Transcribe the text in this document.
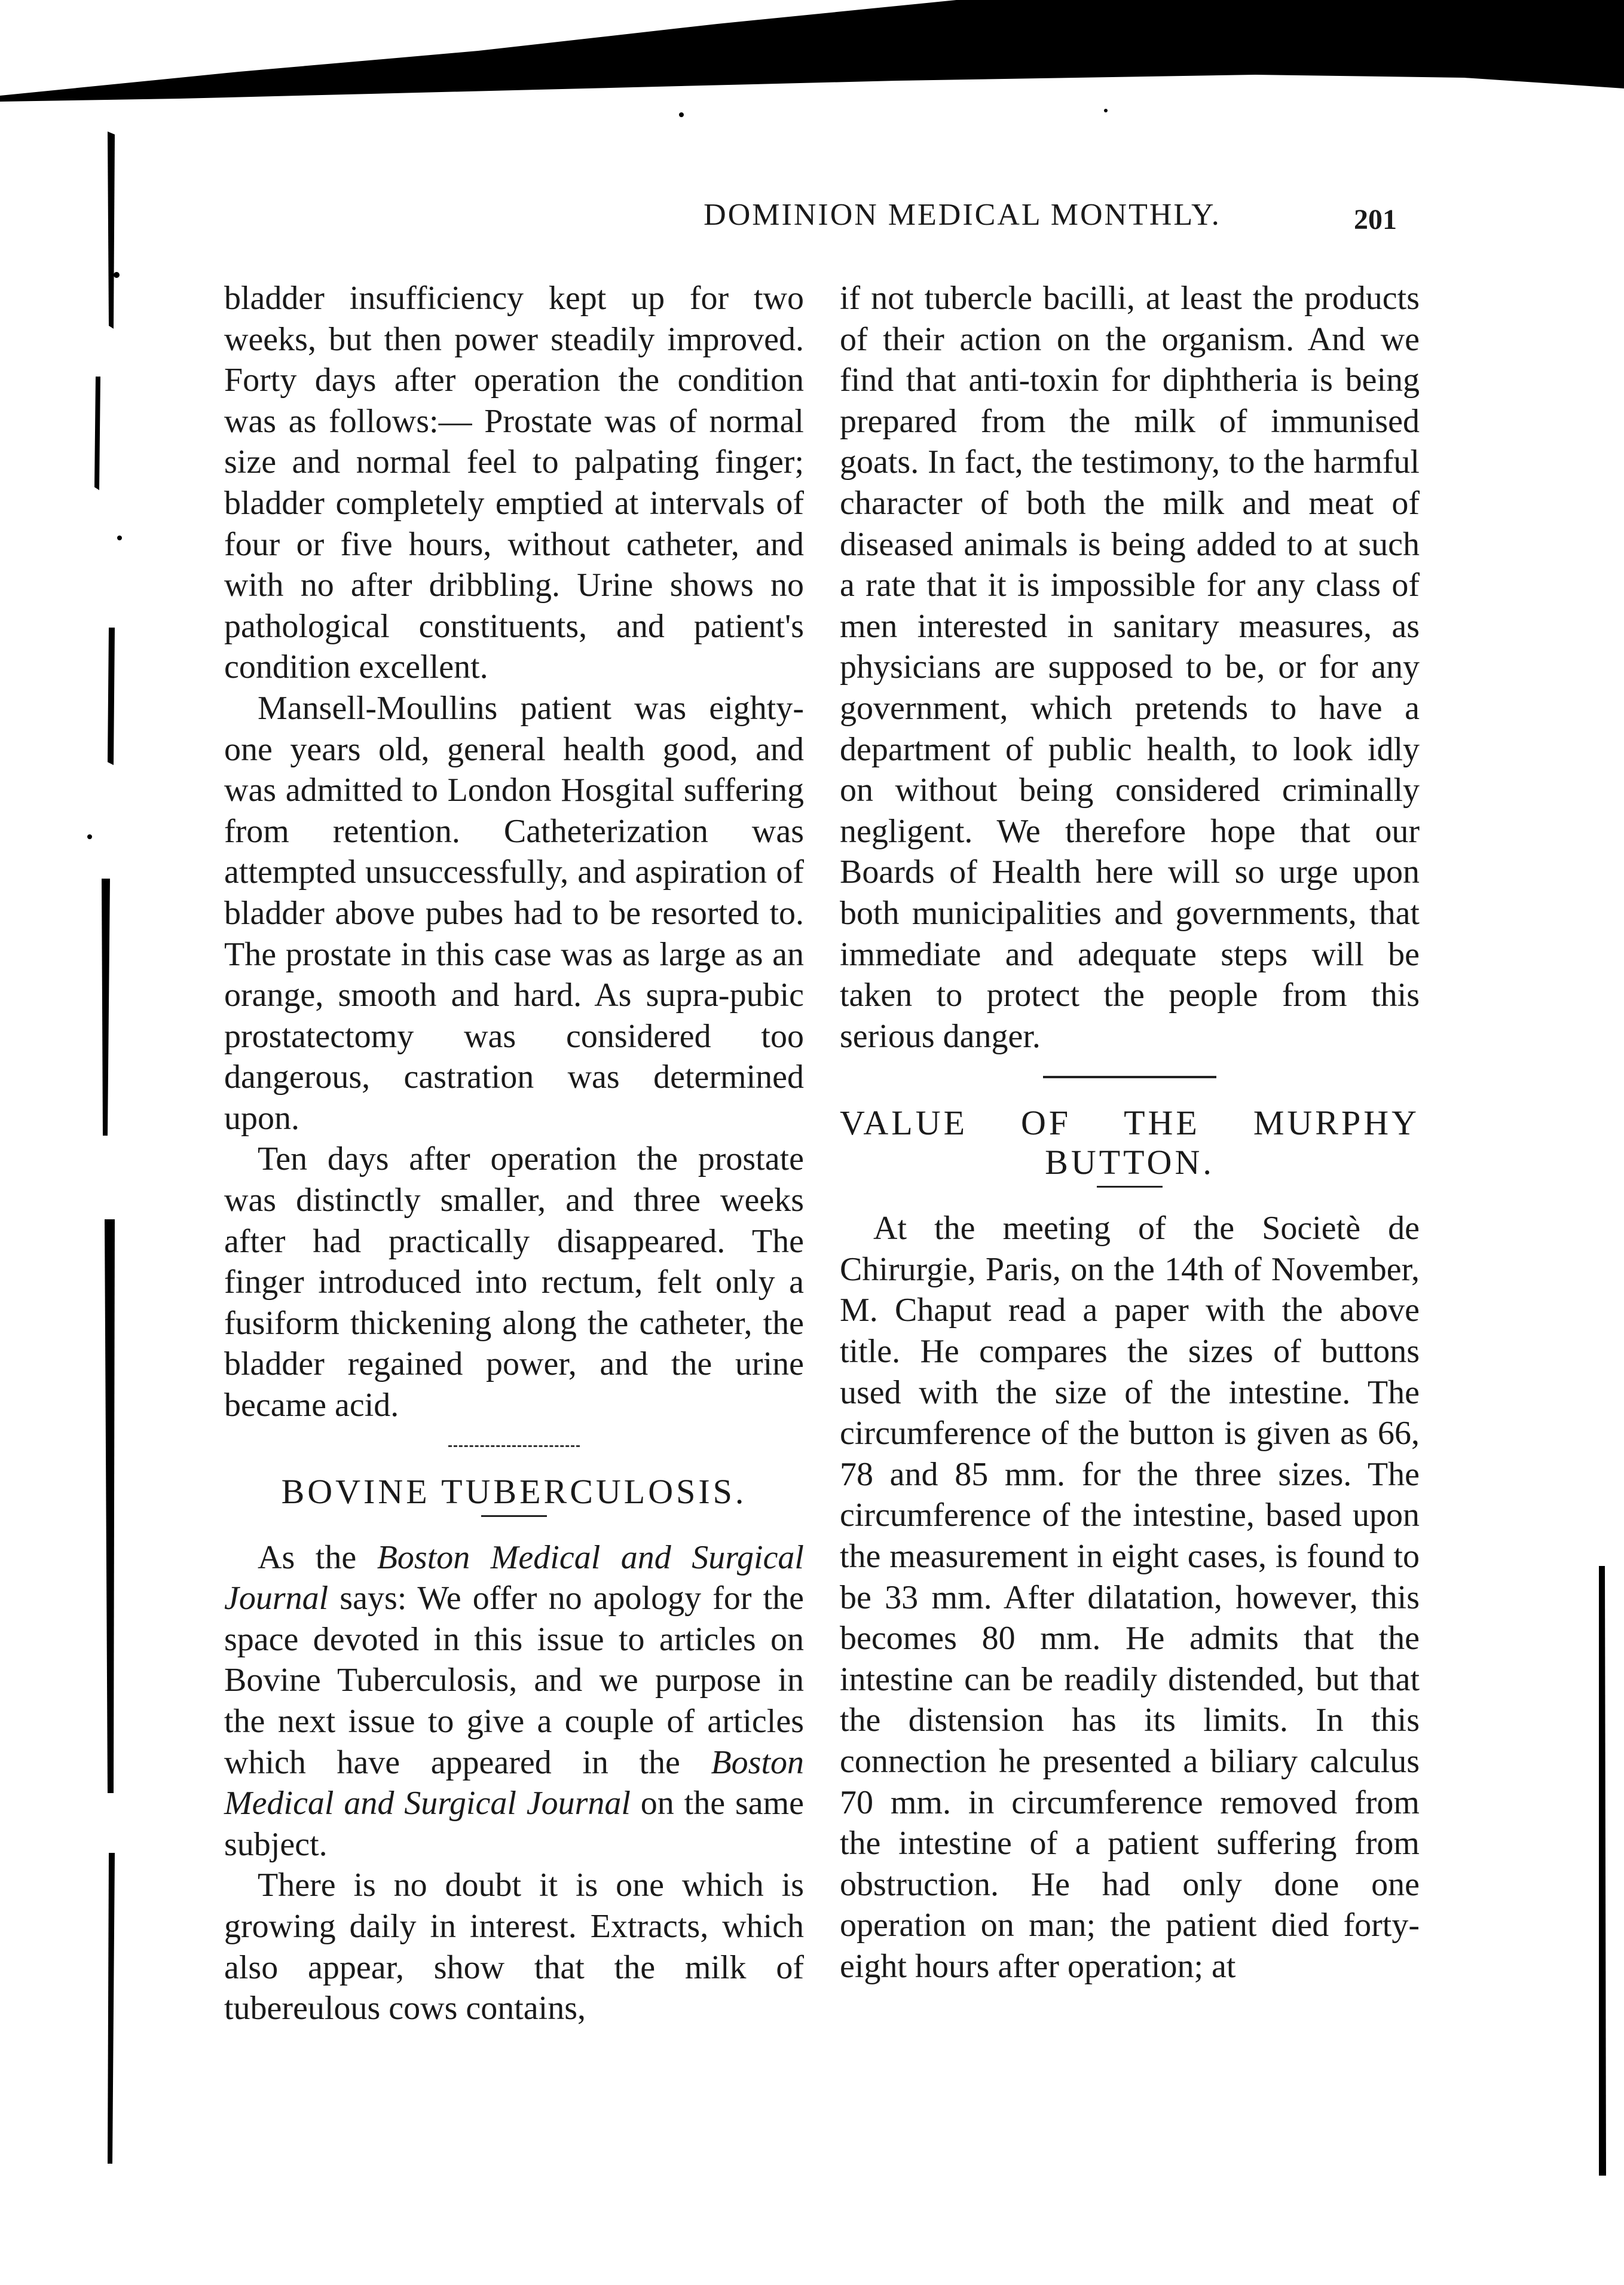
DOMINION MEDICAL MONTHLY.	201

bladder insufficiency kept up for two weeks, but then power steadily improved. Forty days after operation the condition was as follows:— Prostate was of normal size and normal feel to palpating finger; bladder completely emptied at intervals of four or five hours, without catheter, and with no after dribbling. Urine shows no pathological constituents, and patient's condition excellent.

Mansell-Moullins patient was eighty-one years old, general health good, and was admitted to London Hosgital suffering from retention. Catheterization was attempted unsuccessfully, and aspiration of bladder above pubes had to be resorted to. The prostate in this case was as large as an orange, smooth and hard. As supra-pubic prostatectomy was considered too dangerous, castration was determined upon.

Ten days after operation the prostate was distinctly smaller, and three weeks after had practically disappeared. The finger introduced into rectum, felt only a fusiform thickening along the catheter, the bladder regained power, and the urine became acid.

BOVINE TUBERCULOSIS.

As the Boston Medical and Surgical Journal says: We offer no apology for the space devoted in this issue to articles on Bovine Tuberculosis, and we purpose in the next issue to give a couple of articles which have appeared in the Boston Medical and Surgical Journal on the same subject.

There is no doubt it is one which is growing daily in interest. Extracts, which also appear, show that the milk of tubereulous cows contains,

if not tubercle bacilli, at least the products of their action on the organism. And we find that anti-toxin for diphtheria is being prepared from the milk of immunised goats. In fact, the testimony, to the harmful character of both the milk and meat of diseased animals is being added to at such a rate that it is impossible for any class of men interested in sanitary measures, as physicians are supposed to be, or for any government, which pretends to have a department of public health, to look idly on without being considered criminally negligent. We therefore hope that our Boards of Health here will so urge upon both municipalities and governments, that immediate and adequate steps will be taken to protect the people from this serious danger.

VALUE OF THE MURPHY

BUTTON.

At the meeting of the Societè de Chirurgie, Paris, on the 14th of November, M. Chaput read a paper with the above title. He compares the sizes of buttons used with the size of the intestine. The circumference of the button is given as 66, 78 and 85 mm. for the three sizes. The circumference of the intestine, based upon the measurement in eight cases, is found to be 33 mm. After dilatation, however, this becomes 80 mm. He admits that the intestine can be readily distended, but that the distension has its limits. In this connection he presented a biliary calculus 70 mm. in circumference removed from the intestine of a patient suffering from obstruction. He had only done one operation on man; the patient died forty-eight hours after operation; at
